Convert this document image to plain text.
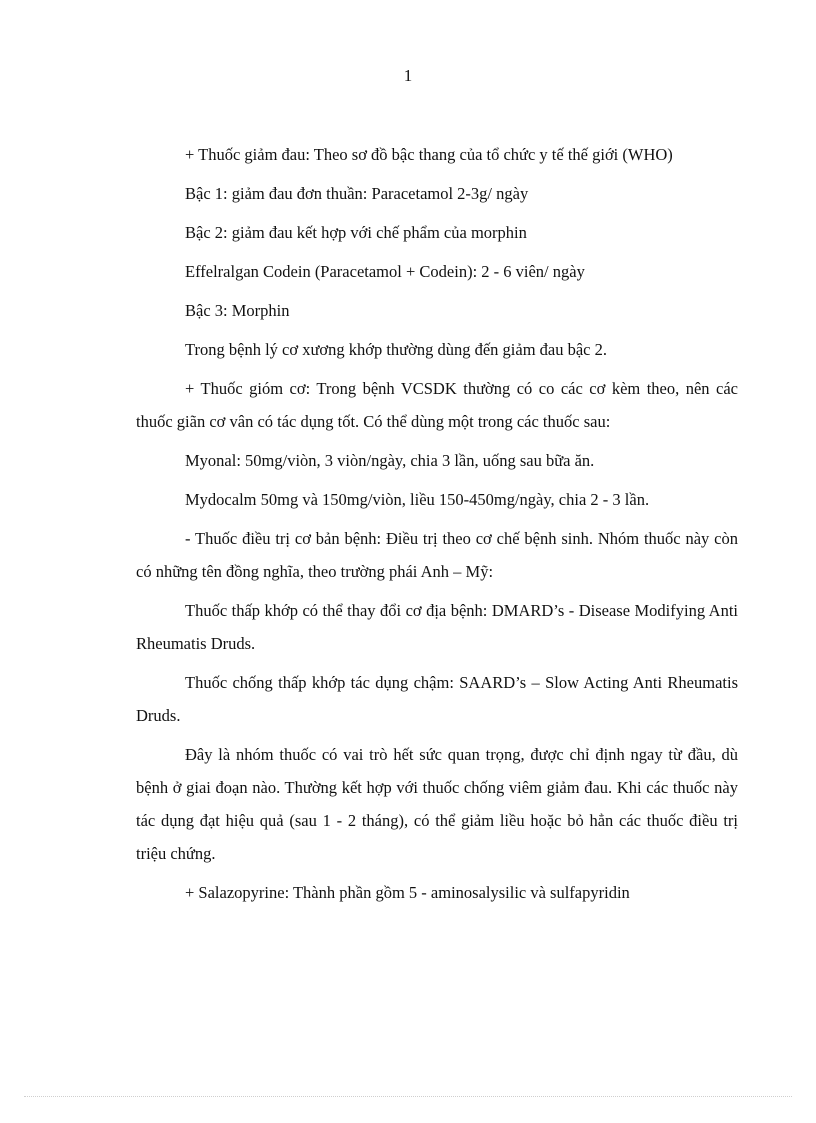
1

+ Thuốc giảm đau: Theo sơ đồ bậc thang của tổ chức y tế thế giới (WHO)

Bậc 1: giảm đau đơn thuần: Paracetamol 2-3g/ ngày

Bậc 2: giảm đau kết hợp với chế phẩm của morphin

Effelralgan Codein (Paracetamol + Codein): 2 - 6 viên/ ngày

Bậc 3: Morphin

Trong bệnh lý cơ xương khớp thường dùng đến giảm đau bậc 2.

+ Thuốc gióm cơ: Trong bệnh VCSDK thường có co các cơ kèm theo, nên các thuốc giãn cơ vân có tác dụng tốt. Có thể dùng một trong các thuốc sau:

Myonal: 50mg/viòn, 3 viòn/ngày, chia 3 lần, uống sau bữa ăn.

Mydocalm 50mg và 150mg/viòn, liều 150-450mg/ngày, chia 2 - 3 lần.

- Thuốc điều trị cơ bản bệnh: Điều trị theo cơ chế bệnh sinh. Nhóm thuốc này còn có những tên đồng nghĩa, theo trường phái Anh – Mỹ:

Thuốc thấp khớp có thể thay đổi cơ địa bệnh: DMARD’s - Disease Modifying Anti Rheumatis Druds.

Thuốc chống thấp khớp tác dụng chậm: SAARD’s – Slow Acting Anti Rheumatis Druds.

Đây là nhóm thuốc có vai trò hết sức quan trọng, được chỉ định ngay từ đầu, dù bệnh ở giai đoạn nào. Thường kết hợp với thuốc chống viêm giảm đau. Khi các thuốc này tác dụng đạt hiệu quả (sau 1 - 2 tháng), có thể giảm liều hoặc bỏ hẳn các thuốc điều trị triệu chứng.

+ Salazopyrine: Thành phần gồm 5 - aminosalysilic và sulfapyridin
